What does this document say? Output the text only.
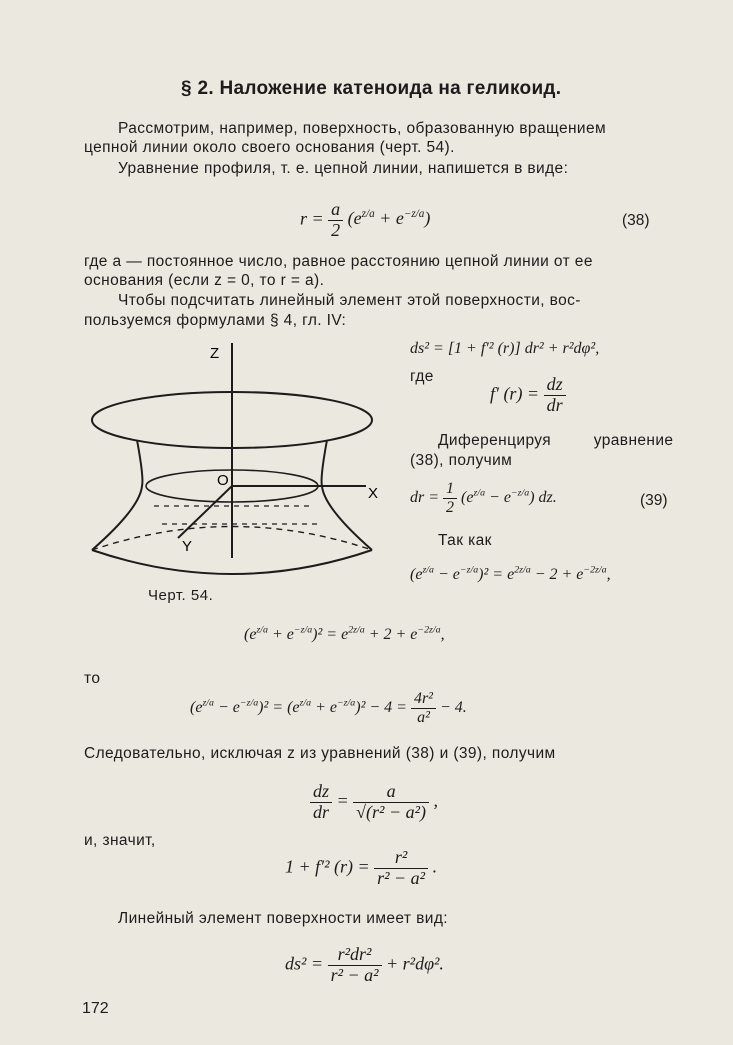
§ 2. Наложение катеноида на геликоид.
Рассмотрим, например, поверхность, образованную вращением
цепной линии около своего основания (черт. 54).
Уравнение профиля, т. е. цепной линии, напишется в виде:
$r = \frac{a}{2} (e^{z/a} + e^{-z/a})$	(38)
где a — постоянное число, равное расстоянию цепной линии от ее
основания (если z = 0, то r = a).
Чтобы подсчитать линейный элемент этой поверхности, вос-
пользуемся формулами § 4, гл. IV:
Z
X
Y
O
Черт. 54.
ds² = [1 + f′² (r)] dr² + r²dφ²,
где
f′ $(r) = \frac{dz}{dr}$
Диференцируя уравнение
(38), получим
dr = $\frac{1}{2} (e^{z/a} - e^{-z/a})$ dz.	(39)
Так как
$(e^{z/a} - e^{-z/a})^2 = e^{2z/a} - 2 + e^{-2z/a}$,
$(e^{z/a} + e^{-z/a})^2 = e^{2z/a} + 2 + e^{-2z/a}$,
то
$(e^{z/a} - e^{-z/a})^2 = (e^{z/a} + e^{-z/a})^2 - 4 = \frac{\text{4r²}}{\text{a²}} - 4$.
Следовательно, исключая z из уравнений (38) и (39), получим
$\frac{dz}{dr} = \frac{a}{\text{√(r² − a²)}}$ ,
и, значит,
1 + f′² $(r) = \frac{\text{r²}}{\text{r² − a²}}$ .
Линейный элемент поверхности имеет вид:
$ds^2 = \frac{\text{r²dr²}}{\text{r² − a²}} + r^2d\varphi^2$.
172
